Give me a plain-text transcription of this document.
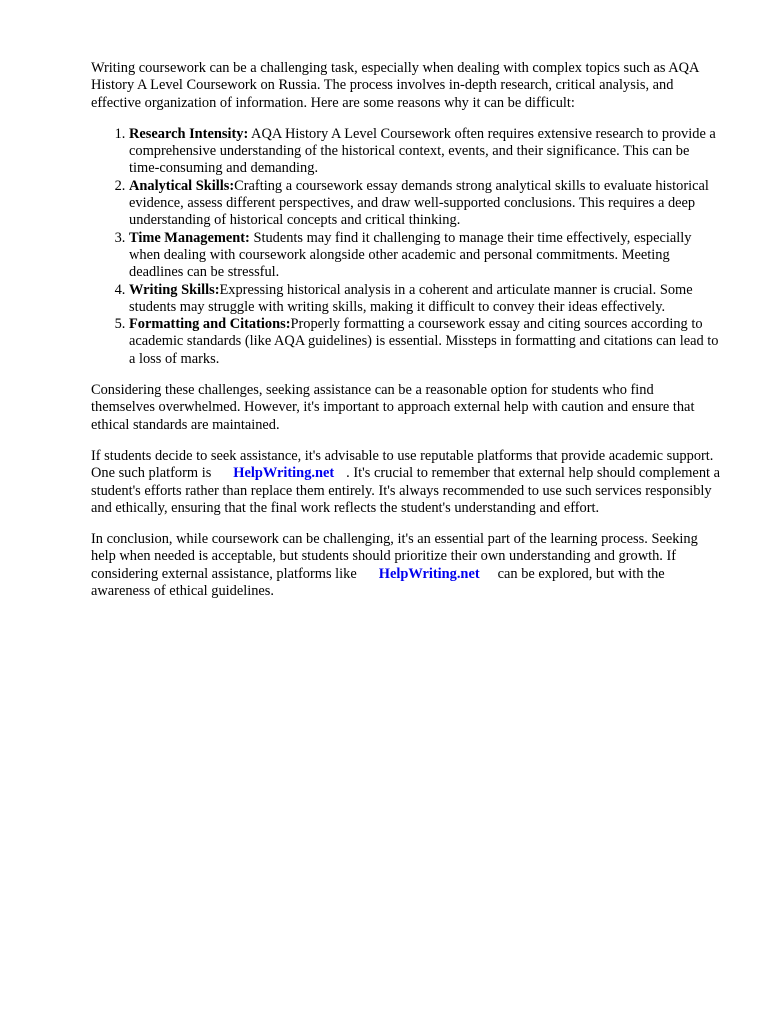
Writing coursework can be a challenging task, especially when dealing with complex topics such as AQA History A Level Coursework on Russia. The process involves in-depth research, critical analysis, and effective organization of information. Here are some reasons why it can be difficult:

1. Research Intensity: AQA History A Level Coursework often requires extensive research to provide a comprehensive understanding of the historical context, events, and their significance. This can be time-consuming and demanding.
2. Analytical Skills:Crafting a coursework essay demands strong analytical skills to evaluate historical evidence, assess different perspectives, and draw well-supported conclusions. This requires a deep understanding of historical concepts and critical thinking.
3. Time Management: Students may find it challenging to manage their time effectively, especially when dealing with coursework alongside other academic and personal commitments. Meeting deadlines can be stressful.
4. Writing Skills:Expressing historical analysis in a coherent and articulate manner is crucial. Some students may struggle with writing skills, making it difficult to convey their ideas effectively.
5. Formatting and Citations:Properly formatting a coursework essay and citing sources according to academic standards (like AQA guidelines) is essential. Missteps in formatting and citations can lead to a loss of marks.

Considering these challenges, seeking assistance can be a reasonable option for students who find themselves overwhelmed. However, it's important to approach external help with caution and ensure that ethical standards are maintained.

If students decide to seek assistance, it's advisable to use reputable platforms that provide academic support. One such platform is HelpWriting.net . It's crucial to remember that external help should complement a student's efforts rather than replace them entirely. It's always recommended to use such services responsibly and ethically, ensuring that the final work reflects the student's understanding and effort.

In conclusion, while coursework can be challenging, it's an essential part of the learning process. Seeking help when needed is acceptable, but students should prioritize their own understanding and growth. If considering external assistance, platforms like HelpWriting.net can be explored, but with the awareness of ethical guidelines.
